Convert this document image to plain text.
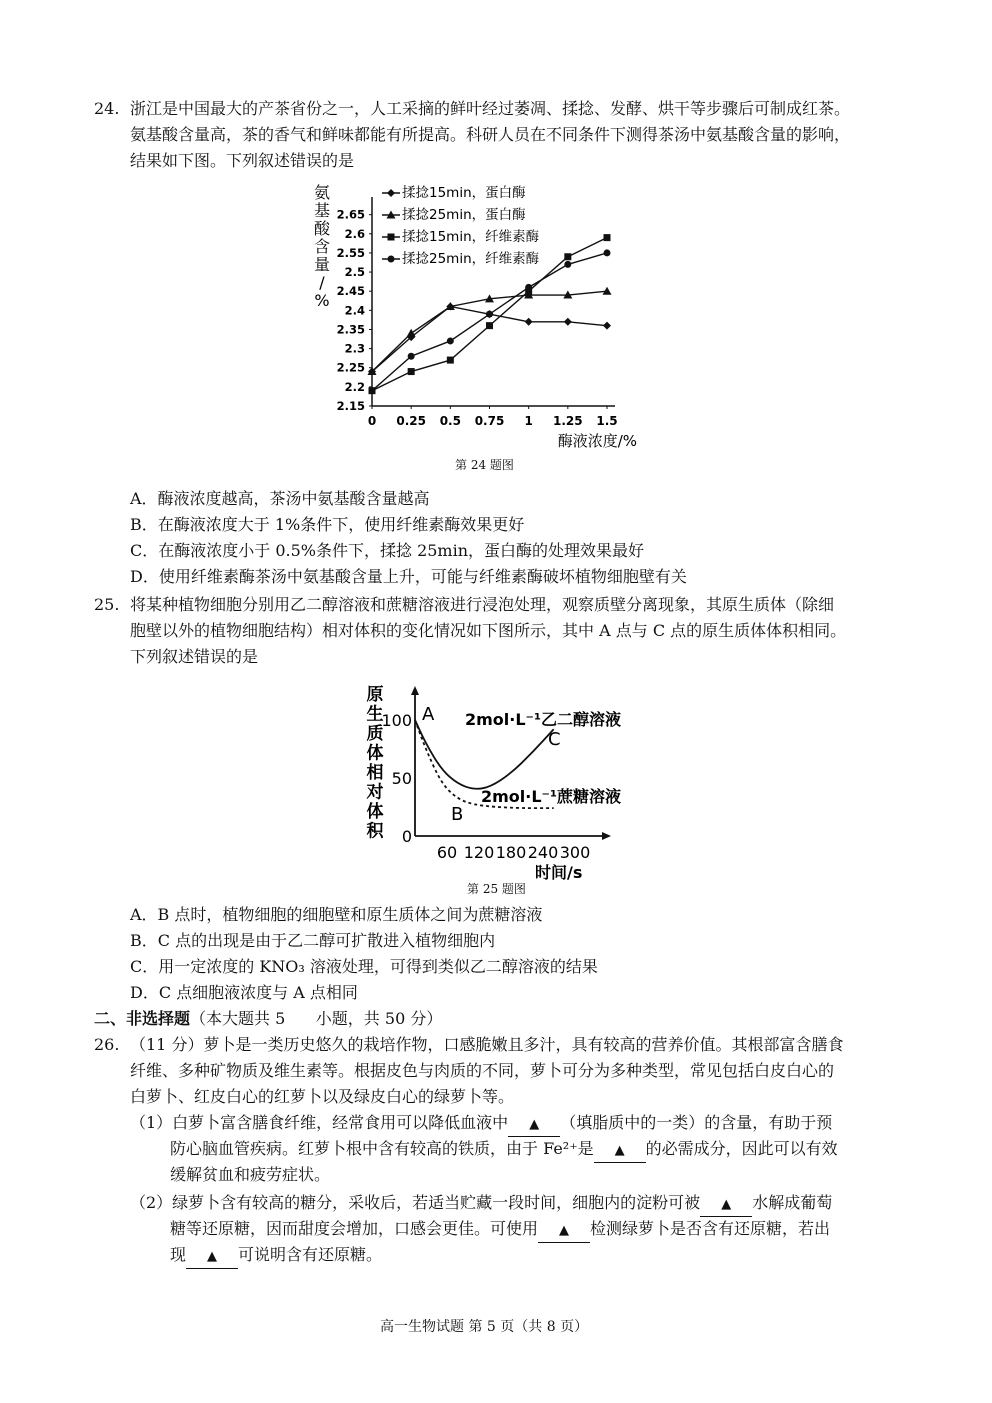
24. 浙江是中国最大的产茶省份之一，人工采摘的鲜叶经过萎凋、揉捻、发酵、烘干等步骤后可制成红茶。
氨基酸含量高，茶的香气和鲜味都能有所提高。科研人员在不同条件下测得茶汤中氨基酸含量的影响，
结果如下图。下列叙述错误的是
2.15
2.2
2.25
2.3
2.35
2.4
2.45
2.5
2.55
2.6
2.65
0 0.25 0.5 0.75 1 1.25 1.5
氨基酸含量/ %
酶液浓度/%
揉捻15min，蛋白酶
揉捻25min，蛋白酶
揉捻15min，纤维素酶
揉捻25min，纤维素酶
第 24 题图
A．酶液浓度越高，茶汤中氨基酸含量越高
B．在酶液浓度大于 1%条件下，使用纤维素酶效果更好
C．在酶液浓度小于 0.5%条件下，揉捻 25min，蛋白酶的处理效果最好
D．使用纤维素酶茶汤中氨基酸含量上升，可能与纤维素酶破坏植物细胞壁有关
25. 将某种植物细胞分别用乙二醇溶液和蔗糖溶液进行浸泡处理，观察质壁分离现象，其原生质体（除细
胞壁以外的植物细胞结构）相对体积的变化情况如下图所示，其中 A 点与 C 点的原生质体体积相同。
下列叙述错误的是
原生质体相对体积 0
50
100
60 120 180 240 300
时间/s
2mol·L⁻¹乙二醇溶液
2mol·L⁻¹蔗糖溶液
A
B
C
第 25 题图
A．B 点时，植物细胞的细胞壁和原生质体之间为蔗糖溶液
B．C 点的出现是由于乙二醇可扩散进入植物细胞内
C．用一定浓度的 KNO₃ 溶液处理，可得到类似乙二醇溶液的结果
D．C 点细胞液浓度与 A 点相同
二、非选择题（本大题共 5      小题，共 50 分）
26. （11 分）萝卜是一类历史悠久的栽培作物，口感脆嫩且多汁，具有较高的营养价值。其根部富含膳食
纤维、多种矿物质及维生素等。根据皮色与肉质的不同，萝卜可分为多种类型，常见包括白皮白心的
白萝卜、红皮白心的红萝卜以及绿皮白心的绿萝卜等。
（1）白萝卜富含膳食纤维，经常食用可以降低血液中 ▲ （填脂质中的一类）的含量，有助于预
防心脑血管疾病。红萝卜根中含有较高的铁质，由于 Fe²⁺是 ▲ 的必需成分，因此可以有效
缓解贫血和疲劳症状。
（2）绿萝卜含有较高的糖分，采收后，若适当贮藏一段时间，细胞内的淀粉可被 ▲ 水解成葡萄
糖等还原糖，因而甜度会增加，口感会更佳。可使用 ▲ 检测绿萝卜是否含有还原糖，若出
现 ▲ 可说明含有还原糖。
高一生物试题 第 5 页（共 8 页）
